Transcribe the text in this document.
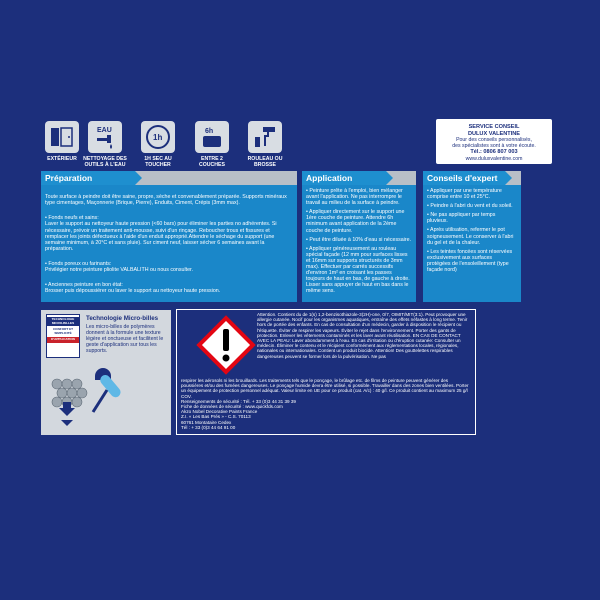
EXTÉRIEUR
EAU
NETTOYAGE DES OUTILS À L'EAU
1h
1H SEC AU TOUCHER
6h
ENTRE 2 COUCHES
ROULEAU OU BROSSE
SERVICE CONSEIL
DULUX VALENTINE
Pour des conseils personnalisés,
des spécialistes sont à votre écoute.
Tél.: 0806 807 003
www.duluxvalentine.com
Préparation

Toute surface à peindre doit être saine, propre, sèche et convenablement préparée. Supports minéraux type cimentages, Maçonnerie (Brique, Pierre), Enduits, Ciment, Crépis (3mm max).

• Fonds neufs et sains:
Laver le support au nettoyeur haute pression (<60 bars) pour éliminer les parties no adhérentes. Si nécessaire, prévoir un traitement anti-mousse, suivi d'un rinçage. Reboucher trous et fissures et remplacer les joints défectueux à l'aide d'un enduit approprié.Attendre le séchage du support (une semaine minimum, à 20°C et sans pluie). Sur ciment neuf, laisser sécher 6 semaines avant la préparation.

• Fonds poreux ou farinants:
Privilégier notre peinture pliolite VALBALITH ou nous consulter.

• Anciennes peinture en bon état:
Brosser puis dépoussiérer ou laver le support au nettoyeur haute pression.

Application

• Peinture prête à l'emploi, bien mélanger avant l'application. Ne pas interrompre le travail au milieu de la surface à peindre.

• Appliquer directement sur le support une 1ère couche de peinture. Attendre 6h minimum avant application de la 2ème couche de peinture.

• Peut être diluée à 10% d'eau si nécessaire.

• Appliquer généreusement au rouleau spécial façade (12 mm pour surfaces lisses et 16mm sur supports structurés de 3mm max). Effectuer par carrés successifs d'environ 1m² en croisant les passes toujours de haut en bas, de gauche à droite. Lisser sans appuyer de haut en bas dans le même sens.

Conseils d'expert

• Appliquer par une température comprise entre 10 et 25°C.

• Peindre à l'abri du vent et du soleil.

• Ne pas appliquer par temps pluvieux.

• Après utilisation, refermer le pot soigneusement. Le conserver à l'abri du gel et de la chaleur.

• Les teintes foncées sont réservées exclusivement aux surfaces protégées de l'ensoleillement (type façade nord)

TECHNOLOGIE MICRO-BILLES
CONFORT ET SIMPLICITÉ
D'APPLICATION
Technologie Micro-billes
Les micro-billes de polymères donnent à la formule une texture légère et onctueuse et facilitent le geste d'application sur tous les supports.

Attention. Contient du de 1(s) 1,2-benzisothiazole-3(2H)-one, 0/7, OIMIT/MIT(3:1). Peut provoquer une allergie cutanée. Nocif pour les organismes aquatiques, entraîne des effets néfastes à long terme. Tenir hors de portée des enfants. En cas de consultation d'un médecin, garder à disposition le récipient ou l'étiquette. Éviter de respirer les vapeurs. Éviter le rejet dans l'environnement. Porter des gants de protection. Enlever les vêtements contaminés et les laver avant réutilisation. EN CAS DE CONTACT AVEC LA PEAU: Laver abondamment à l'eau. En cas d'irritation ou d'éruption cutanée: Consulter un médecin. Éliminer le contenu et le récipient conformément aux réglementations locales, régionales, nationales ou internationales. Contient un produit biocide. Attention! Des gouttelettes respirables dangereuses peuvent se former lors de la pulvérisation. Ne pas

respirer les aérosols ni les brouillards. Les traitements tels que le ponçage, le brûlage etc. de films de peinture peuvent générer des poussières et/ou des fumées dangereuses. Le ponçage humide devra être utilisé, si possible. Travailler dans des zones bien ventilées. Porter un équipement de protection personnel adéquat. Valeur limite en UE pour ce produit (cat. A/c) : 40 g/l. Ce produit contient au maximum 25 g/l COV.

Renseignements de sécurité : Tél. + 33 (0)3 44 31 39 39

Fiche de données de sécurité : www.quickfds.com

Akzo Nobel Decorative Paints France

Z.I. « Les Bas Prés » - C.S. 70113

60761 Montataire Cedex

Tél : + 33 (0)3 44 64 91 00
